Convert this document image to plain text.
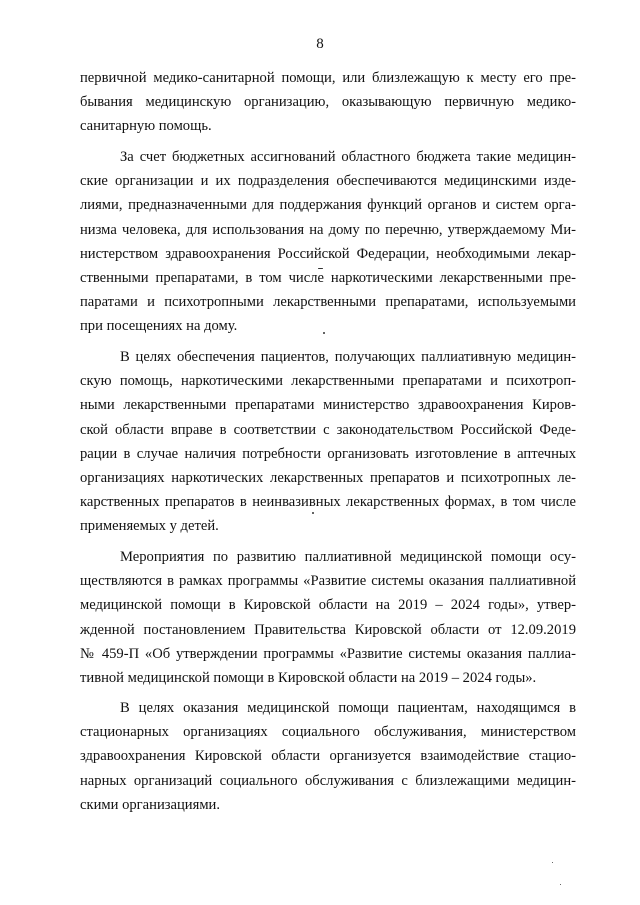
8
первичной медико-санитарной помощи, или близлежащую к месту его пре-
бывания медицинскую организацию, оказывающую первичную медико-
санитарную помощь.
За счет бюджетных ассигнований областного бюджета такие медицин-
ские организации и их подразделения обеспечиваются медицинскими изде-
лиями, предназначенными для поддержания функций органов и систем орга-
низма человека, для использования на дому по перечню, утверждаемому Ми-
нистерством здравоохранения Российской Федерации, необходимыми лекар-
ственными препаратами, в том числе наркотическими лекарственными пре-
паратами и психотропными лекарственными препаратами, используемыми
при посещениях на дому.
В целях обеспечения пациентов, получающих паллиативную медицин-
скую помощь, наркотическими лекарственными препаратами и психотроп-
ными лекарственными препаратами министерство здравоохранения Киров-
ской области вправе в соответствии с законодательством Российской Феде-
рации в случае наличия потребности организовать изготовление в аптечных
организациях наркотических лекарственных препаратов и психотропных ле-
карственных препаратов в неинвазивных лекарственных формах, в том числе
применяемых у детей.
Мероприятия по развитию паллиативной медицинской помощи осу-
ществляются в рамках программы «Развитие системы оказания паллиативной
медицинской помощи в Кировской области на 2019 – 2024 годы», утвер-
жденной постановлением Правительства Кировской области от 12.09.2019
№ 459-П «Об утверждении программы «Развитие системы оказания паллиа-
тивной медицинской помощи в Кировской области на 2019 – 2024 годы».
В целях оказания медицинской помощи пациентам, находящимся в
стационарных организациях социального обслуживания, министерством
здравоохранения Кировской области организуется взаимодействие стацио-
нарных организаций социального обслуживания с близлежащими медицин-
скими организациями.
